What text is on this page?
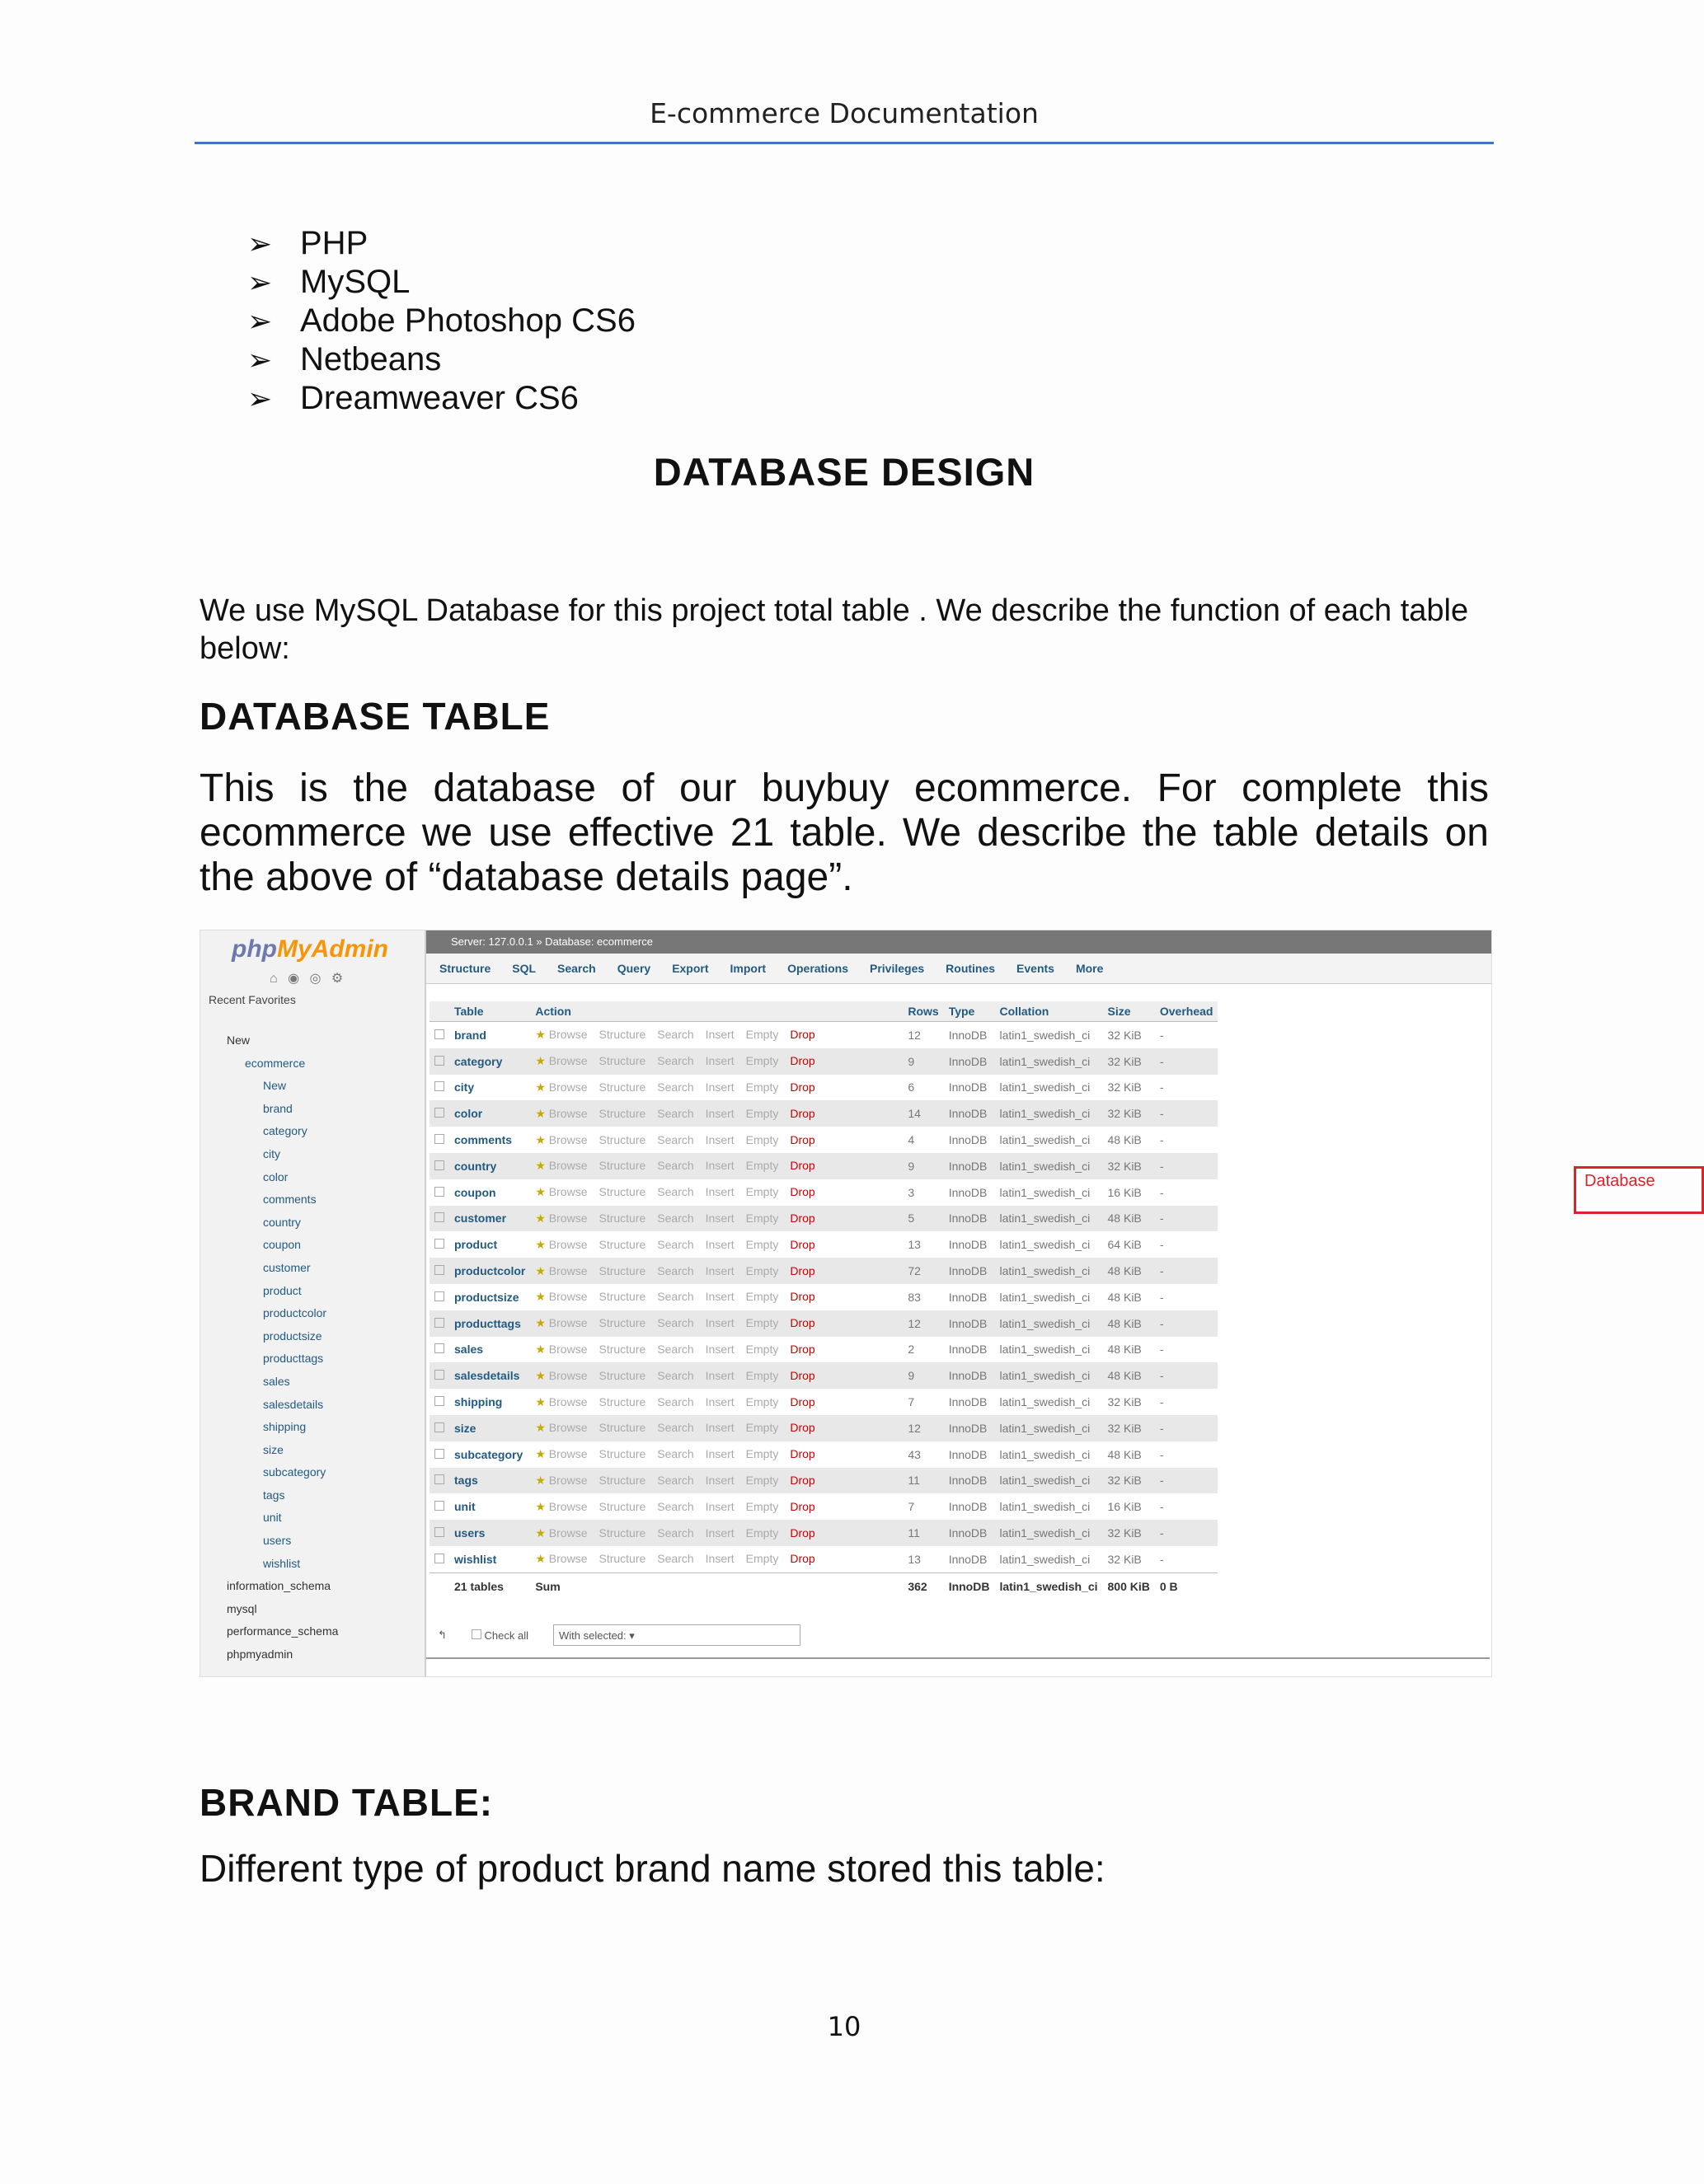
E-commerce Documentation
➢ PHP
➢ MySQL
➢ Adobe Photoshop CS6
➢ Netbeans
➢ Dreamweaver CS6
DATABASE DESIGN
We use MySQL Database for this project total table . We describe the function of each table below:
DATABASE TABLE
This is the database of our buybuy ecommerce. For complete this ecommerce we use effective 21 table. We describe the table details on the above of “database details page”.
phpMyAdmin
⌂ ◉ ◎ ⚙
Recent Favorites
New
ecommerce
New
brand
category
city
color
comments
country
coupon
customer
product
productcolor
productsize
producttags
sales
salesdetails
shipping
size
subcategory
tags
unit
users
wishlist
information_schema
mysql
performance_schema
phpmyadmin
Server: 127.0.0.1 » Database: ecommerce
Structure SQL Search Query Export Import Operations Privileges Routines Events More
	Table	Action	Rows	Type	Collation	Size	Overhead
	brand	★ Browse Structure Search Insert Empty Drop	12	InnoDB	latin1_swedish_ci	32 KiB	-
	category	★ Browse Structure Search Insert Empty Drop	9	InnoDB	latin1_swedish_ci	32 KiB	-
	city	★ Browse Structure Search Insert Empty Drop	6	InnoDB	latin1_swedish_ci	32 KiB	-
	color	★ Browse Structure Search Insert Empty Drop	14	InnoDB	latin1_swedish_ci	32 KiB	-
	comments	★ Browse Structure Search Insert Empty Drop	4	InnoDB	latin1_swedish_ci	48 KiB	-
	country	★ Browse Structure Search Insert Empty Drop	9	InnoDB	latin1_swedish_ci	32 KiB	-
	coupon	★ Browse Structure Search Insert Empty Drop	3	InnoDB	latin1_swedish_ci	16 KiB	-
	customer	★ Browse Structure Search Insert Empty Drop	5	InnoDB	latin1_swedish_ci	48 KiB	-
	product	★ Browse Structure Search Insert Empty Drop	13	InnoDB	latin1_swedish_ci	64 KiB	-
	productcolor	★ Browse Structure Search Insert Empty Drop	72	InnoDB	latin1_swedish_ci	48 KiB	-
	productsize	★ Browse Structure Search Insert Empty Drop	83	InnoDB	latin1_swedish_ci	48 KiB	-
	producttags	★ Browse Structure Search Insert Empty Drop	12	InnoDB	latin1_swedish_ci	48 KiB	-
	sales	★ Browse Structure Search Insert Empty Drop	2	InnoDB	latin1_swedish_ci	48 KiB	-
	salesdetails	★ Browse Structure Search Insert Empty Drop	9	InnoDB	latin1_swedish_ci	48 KiB	-
	shipping	★ Browse Structure Search Insert Empty Drop	7	InnoDB	latin1_swedish_ci	32 KiB	-
	size	★ Browse Structure Search Insert Empty Drop	12	InnoDB	latin1_swedish_ci	32 KiB	-
	subcategory	★ Browse Structure Search Insert Empty Drop	43	InnoDB	latin1_swedish_ci	48 KiB	-
	tags	★ Browse Structure Search Insert Empty Drop	11	InnoDB	latin1_swedish_ci	32 KiB	-
	unit	★ Browse Structure Search Insert Empty Drop	7	InnoDB	latin1_swedish_ci	16 KiB	-
	users	★ Browse Structure Search Insert Empty Drop	11	InnoDB	latin1_swedish_ci	32 KiB	-
	wishlist	★ Browse Structure Search Insert Empty Drop	13	InnoDB	latin1_swedish_ci	32 KiB	-
	21 tables	Sum	362	InnoDB	latin1_swedish_ci	800 KiB	0 B
Database
↰	Check all	With selected: ▾
BRAND TABLE:
Different type of product brand name stored this table:
10
